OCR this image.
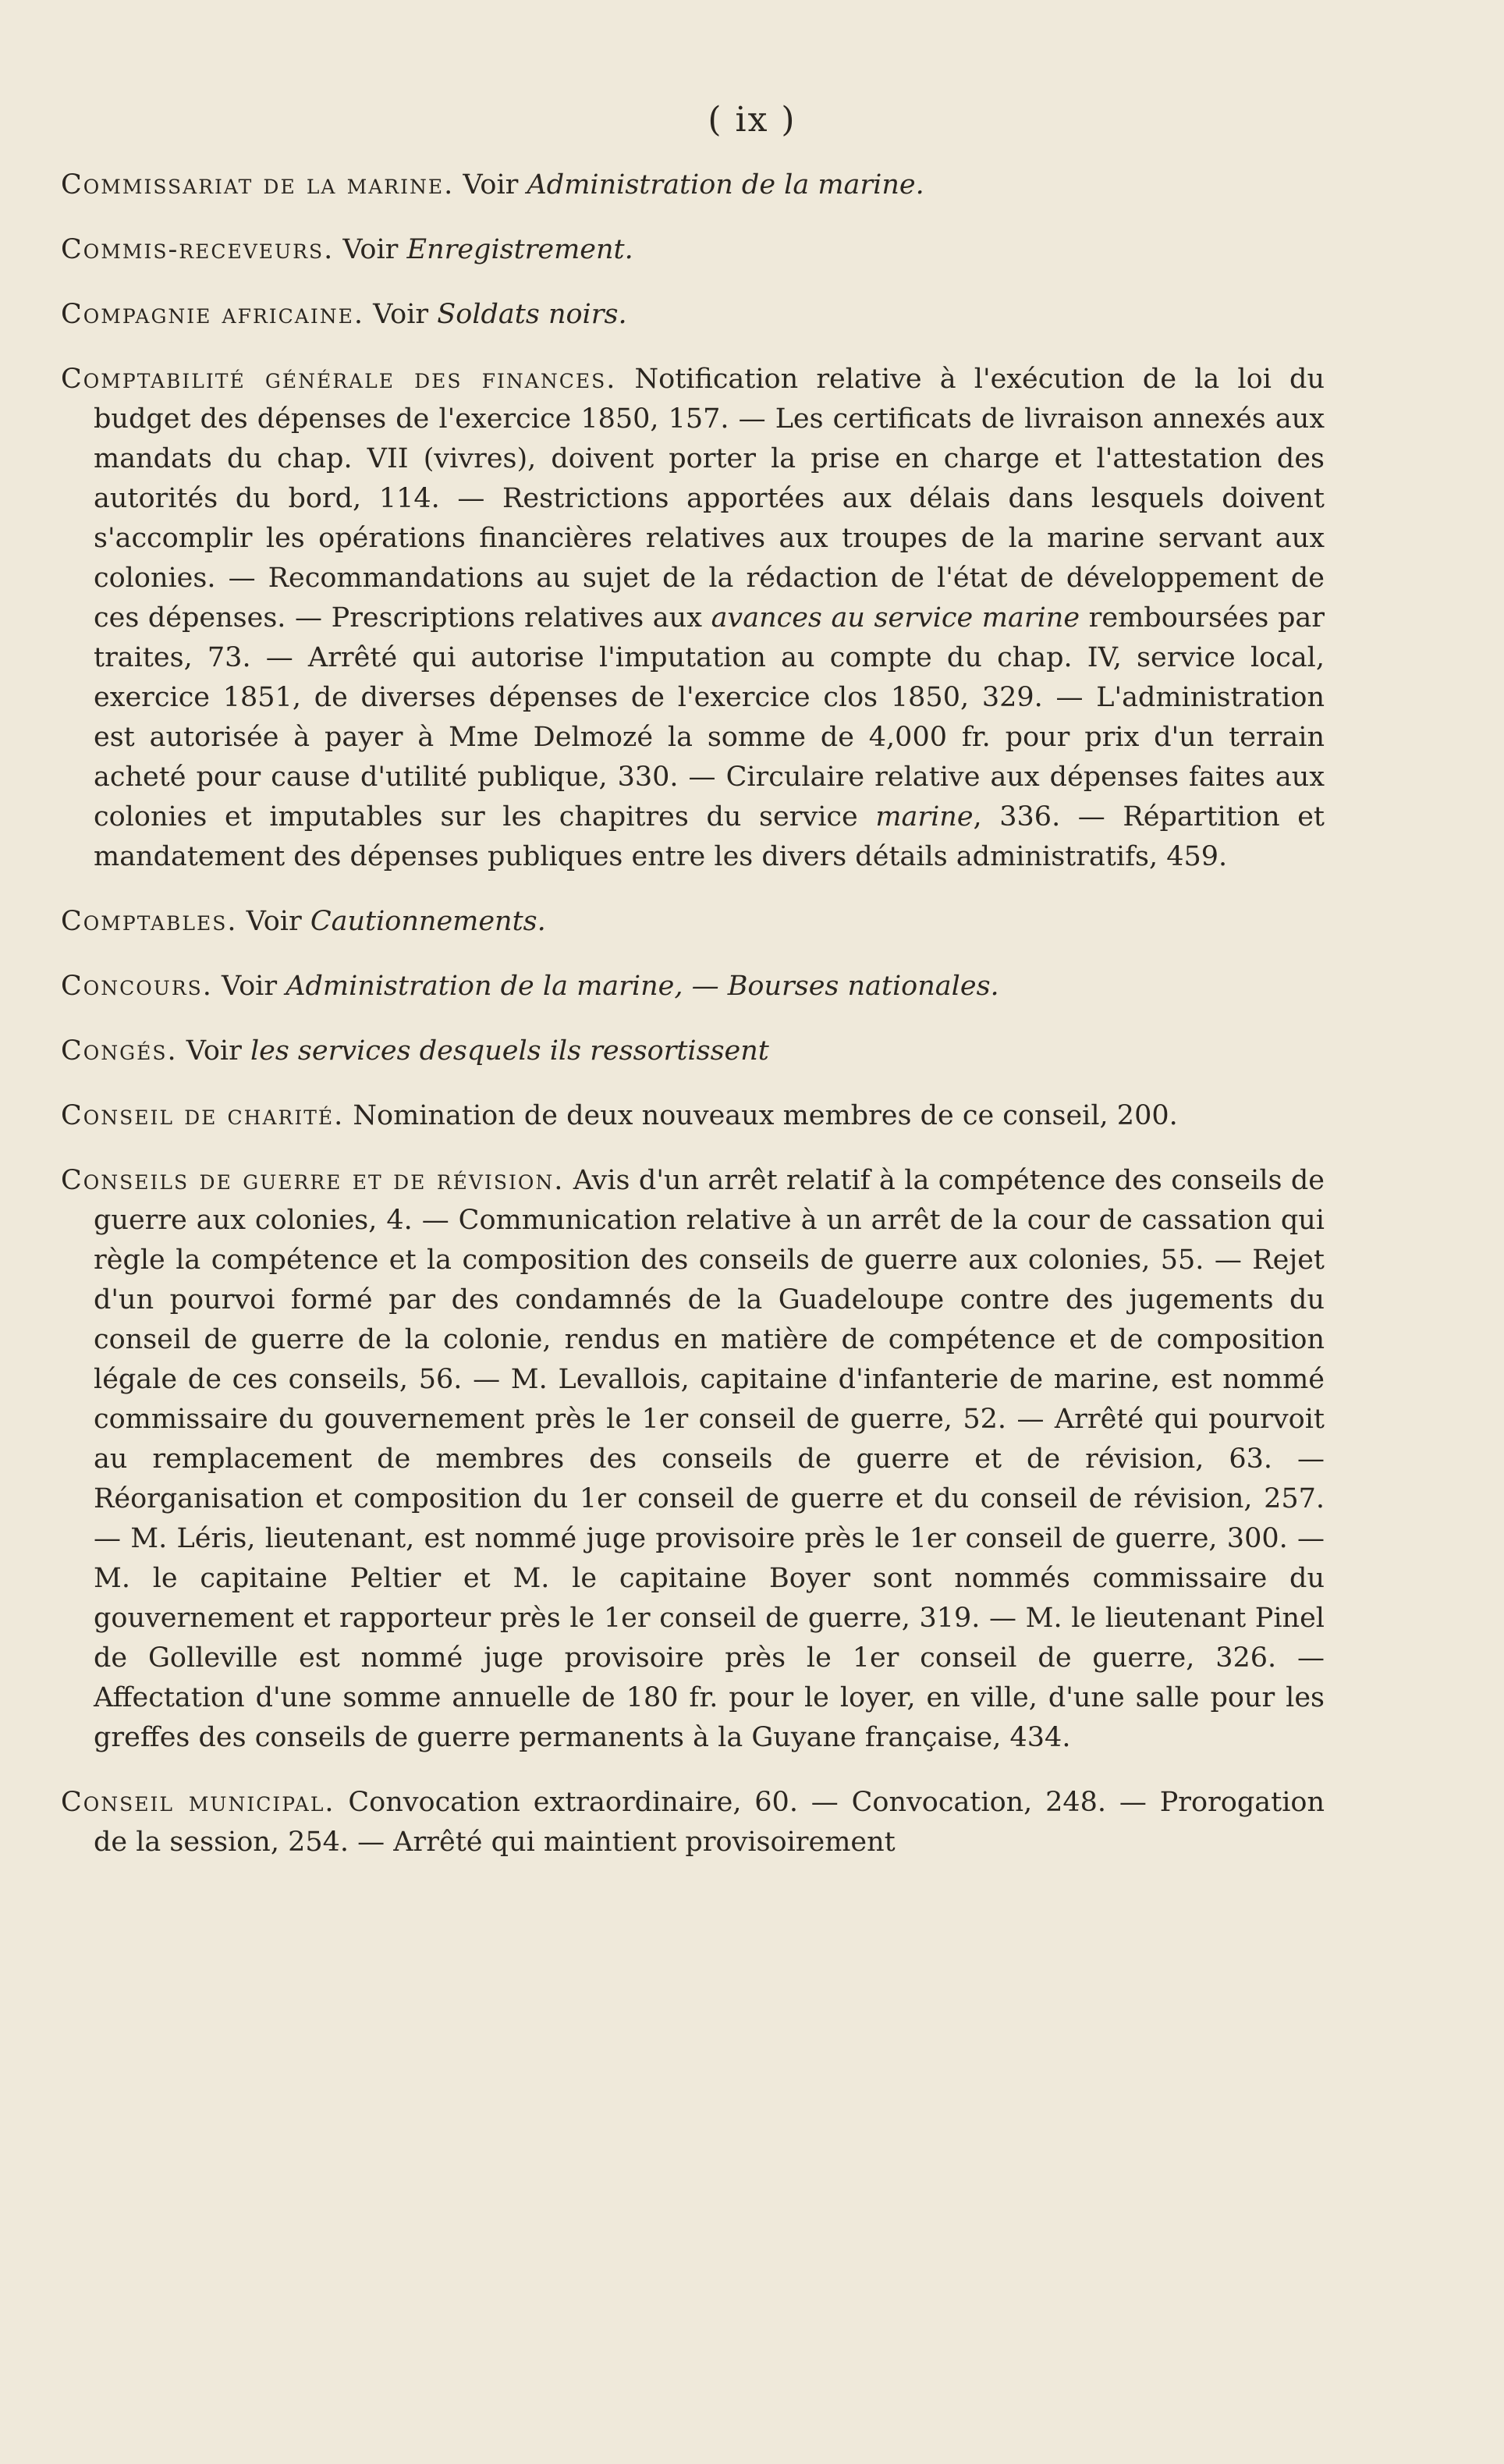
( ix )

Commissariat de la marine. Voir Administration de la marine.

Commis-receveurs. Voir Enregistrement.

Compagnie africaine. Voir Soldats noirs.

Comptabilité générale des finances. Notification relative à l'exécution de la loi du budget des dépenses de l'exercice 1850, 157. — Les certificats de livraison annexés aux mandats du chap. VII (vivres), doivent porter la prise en charge et l'attestation des autorités du bord, 114. — Restrictions apportées aux délais dans lesquels doivent s'accomplir les opérations financières relatives aux troupes de la marine servant aux colonies. — Recommandations au sujet de la rédaction de l'état de développement de ces dépenses. — Prescriptions relatives aux avances au service marine remboursées par traites, 73. — Arrêté qui autorise l'imputation au compte du chap. IV, service local, exercice 1851, de diverses dépenses de l'exercice clos 1850, 329. — L'administration est autorisée à payer à Mme Delmozé la somme de 4,000 fr. pour prix d'un terrain acheté pour cause d'utilité publique, 330. — Circulaire relative aux dépenses faites aux colonies et imputables sur les chapitres du service marine, 336. — Répartition et mandatement des dépenses publiques entre les divers détails administratifs, 459.

Comptables. Voir Cautionnements.

Concours. Voir Administration de la marine, — Bourses nationales.

Congés. Voir les services desquels ils ressortissent

Conseil de charité. Nomination de deux nouveaux membres de ce conseil, 200.

Conseils de guerre et de révision. Avis d'un arrêt relatif à la compétence des conseils de guerre aux colonies, 4. — Communication relative à un arrêt de la cour de cassation qui règle la compétence et la composition des conseils de guerre aux colonies, 55. — Rejet d'un pourvoi formé par des condamnés de la Guadeloupe contre des jugements du conseil de guerre de la colonie, rendus en matière de compétence et de composition légale de ces conseils, 56. — M. Levallois, capitaine d'infanterie de marine, est nommé commissaire du gouvernement près le 1er conseil de guerre, 52. — Arrêté qui pourvoit au remplacement de membres des conseils de guerre et de révision, 63. — Réorganisation et composition du 1er conseil de guerre et du conseil de révision, 257. — M. Léris, lieutenant, est nommé juge provisoire près le 1er conseil de guerre, 300. — M. le capitaine Peltier et M. le capitaine Boyer sont nommés commissaire du gouvernement et rapporteur près le 1er conseil de guerre, 319. — M. le lieutenant Pinel de Golleville est nommé juge provisoire près le 1er conseil de guerre, 326. — Affectation d'une somme annuelle de 180 fr. pour le loyer, en ville, d'une salle pour les greffes des conseils de guerre permanents à la Guyane française, 434.

Conseil municipal. Convocation extraordinaire, 60. — Convocation, 248. — Prorogation de la session, 254. — Arrêté qui maintient provisoirement
